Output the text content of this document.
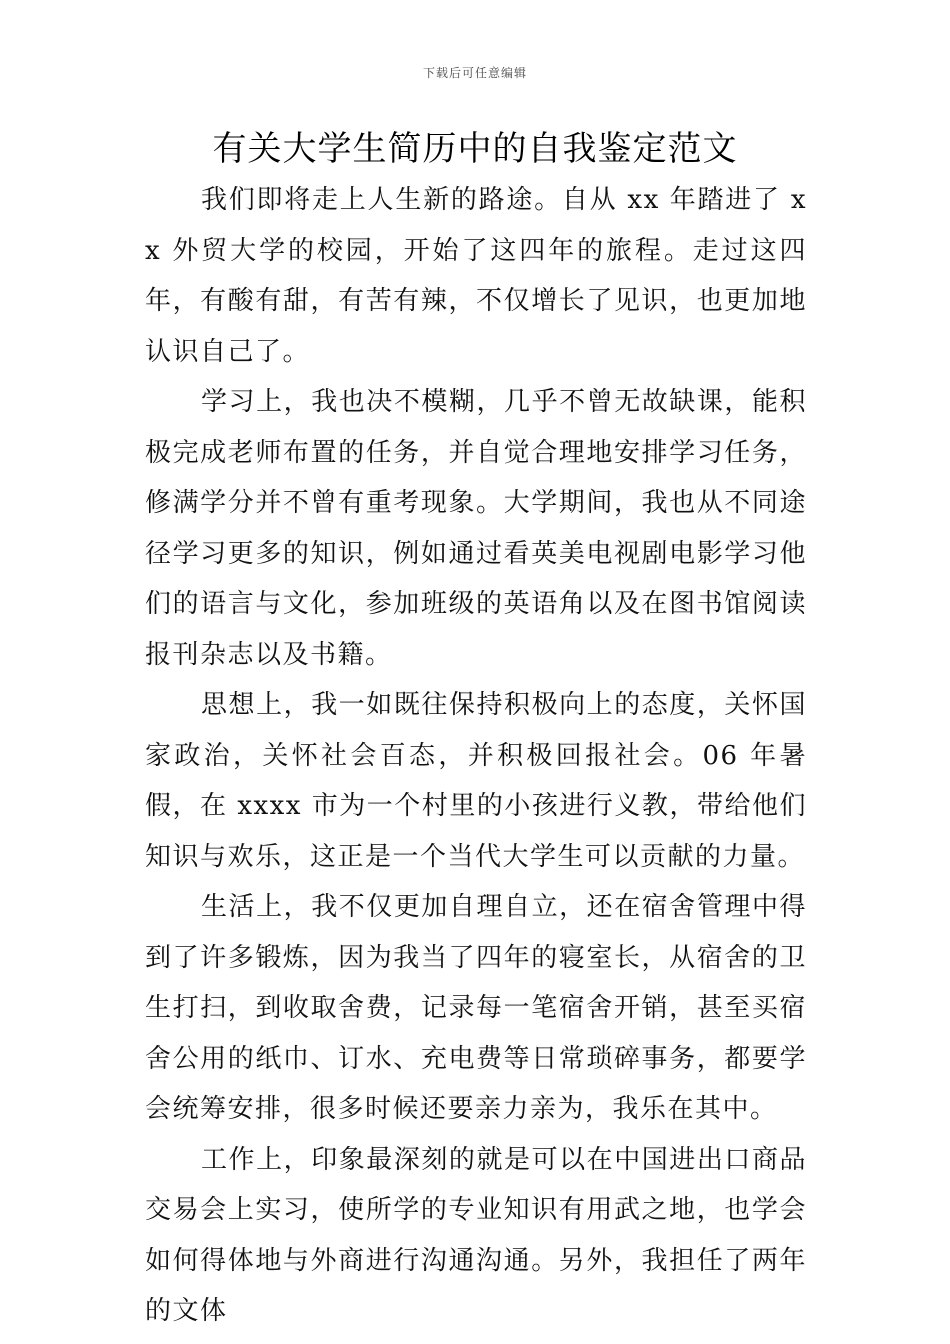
下载后可任意编辑
有关大学生简历中的自我鉴定范文

我们即将走上人生新的路途。自从 xx 年踏进了 xx 外贸大学的校园，开始了这四年的旅程。走过这四年，有酸有甜，有苦有辣，不仅增长了见识，也更加地认识自己了。

学习上，我也决不模糊，几乎不曾无故缺课，能积极完成老师布置的任务，并自觉合理地安排学习任务，修满学分并不曾有重考现象。大学期间，我也从不同途径学习更多的知识，例如通过看英美电视剧电影学习他们的语言与文化，参加班级的英语角以及在图书馆阅读报刊杂志以及书籍。

思想上，我一如既往保持积极向上的态度，关怀国家政治，关怀社会百态，并积极回报社会。06 年暑假，在 xxxx 市为一个村里的小孩进行义教，带给他们知识与欢乐，这正是一个当代大学生可以贡献的力量。

生活上，我不仅更加自理自立，还在宿舍管理中得到了许多锻炼，因为我当了四年的寝室长，从宿舍的卫生打扫，到收取舍费，记录每一笔宿舍开销，甚至买宿舍公用的纸巾、订水、充电费等日常琐碎事务，都要学会统筹安排，很多时候还要亲力亲为，我乐在其中。

工作上，印象最深刻的就是可以在中国进出口商品交易会上实习，使所学的专业知识有用武之地，也学会如何得体地与外商进行沟通沟通。另外，我担任了两年的文体
